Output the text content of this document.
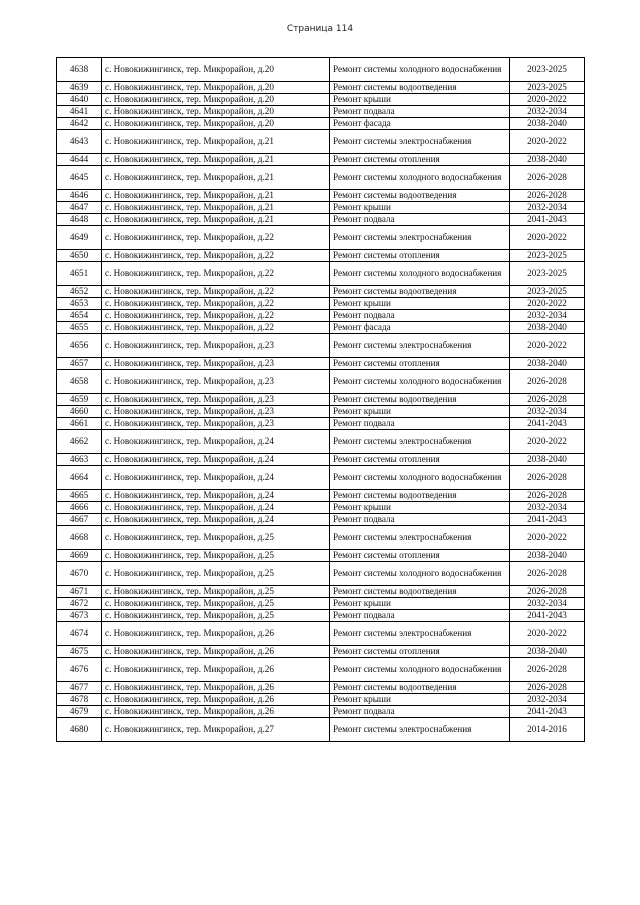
Страница 114
4638	с. Новокижингинск, тер. Микрорайон, д.20	Ремонт системы холодного водоснабжения	2023-2025
4639	с. Новокижингинск, тер. Микрорайон, д.20	Ремонт системы водоотведения	2023-2025
4640	с. Новокижингинск, тер. Микрорайон, д.20	Ремонт крыши	2020-2022
4641	с. Новокижингинск, тер. Микрорайон, д.20	Ремонт подвала	2032-2034
4642	с. Новокижингинск, тер. Микрорайон, д.20	Ремонт фасада	2038-2040
4643	с. Новокижингинск, тер. Микрорайон, д.21	Ремонт системы электроснабжения	2020-2022
4644	с. Новокижингинск, тер. Микрорайон, д.21	Ремонт системы отопления	2038-2040
4645	с. Новокижингинск, тер. Микрорайон, д.21	Ремонт системы холодного водоснабжения	2026-2028
4646	с. Новокижингинск, тер. Микрорайон, д.21	Ремонт системы водоотведения	2026-2028
4647	с. Новокижингинск, тер. Микрорайон, д.21	Ремонт крыши	2032-2034
4648	с. Новокижингинск, тер. Микрорайон, д.21	Ремонт подвала	2041-2043
4649	с. Новокижингинск, тер. Микрорайон, д.22	Ремонт системы электроснабжения	2020-2022
4650	с. Новокижингинск, тер. Микрорайон, д.22	Ремонт системы отопления	2023-2025
4651	с. Новокижингинск, тер. Микрорайон, д.22	Ремонт системы холодного водоснабжения	2023-2025
4652	с. Новокижингинск, тер. Микрорайон, д.22	Ремонт системы водоотведения	2023-2025
4653	с. Новокижингинск, тер. Микрорайон, д.22	Ремонт крыши	2020-2022
4654	с. Новокижингинск, тер. Микрорайон, д.22	Ремонт подвала	2032-2034
4655	с. Новокижингинск, тер. Микрорайон, д.22	Ремонт фасада	2038-2040
4656	с. Новокижингинск, тер. Микрорайон, д.23	Ремонт системы электроснабжения	2020-2022
4657	с. Новокижингинск, тер. Микрорайон, д.23	Ремонт системы отопления	2038-2040
4658	с. Новокижингинск, тер. Микрорайон, д.23	Ремонт системы холодного водоснабжения	2026-2028
4659	с. Новокижингинск, тер. Микрорайон, д.23	Ремонт системы водоотведения	2026-2028
4660	с. Новокижингинск, тер. Микрорайон, д.23	Ремонт крыши	2032-2034
4661	с. Новокижингинск, тер. Микрорайон, д.23	Ремонт подвала	2041-2043
4662	с. Новокижингинск, тер. Микрорайон, д.24	Ремонт системы электроснабжения	2020-2022
4663	с. Новокижингинск, тер. Микрорайон, д.24	Ремонт системы отопления	2038-2040
4664	с. Новокижингинск, тер. Микрорайон, д.24	Ремонт системы холодного водоснабжения	2026-2028
4665	с. Новокижингинск, тер. Микрорайон, д.24	Ремонт системы водоотведения	2026-2028
4666	с. Новокижингинск, тер. Микрорайон, д.24	Ремонт крыши	2032-2034
4667	с. Новокижингинск, тер. Микрорайон, д.24	Ремонт подвала	2041-2043
4668	с. Новокижингинск, тер. Микрорайон, д.25	Ремонт системы электроснабжения	2020-2022
4669	с. Новокижингинск, тер. Микрорайон, д.25	Ремонт системы отопления	2038-2040
4670	с. Новокижингинск, тер. Микрорайон, д.25	Ремонт системы холодного водоснабжения	2026-2028
4671	с. Новокижингинск, тер. Микрорайон, д.25	Ремонт системы водоотведения	2026-2028
4672	с. Новокижингинск, тер. Микрорайон, д.25	Ремонт крыши	2032-2034
4673	с. Новокижингинск, тер. Микрорайон, д.25	Ремонт подвала	2041-2043
4674	с. Новокижингинск, тер. Микрорайон, д.26	Ремонт системы электроснабжения	2020-2022
4675	с. Новокижингинск, тер. Микрорайон, д.26	Ремонт системы отопления	2038-2040
4676	с. Новокижингинск, тер. Микрорайон, д.26	Ремонт системы холодного водоснабжения	2026-2028
4677	с. Новокижингинск, тер. Микрорайон, д.26	Ремонт системы водоотведения	2026-2028
4678	с. Новокижингинск, тер. Микрорайон, д.26	Ремонт крыши	2032-2034
4679	с. Новокижингинск, тер. Микрорайон, д.26	Ремонт подвала	2041-2043
4680	с. Новокижингинск, тер. Микрорайон, д.27	Ремонт системы электроснабжения	2014-2016
